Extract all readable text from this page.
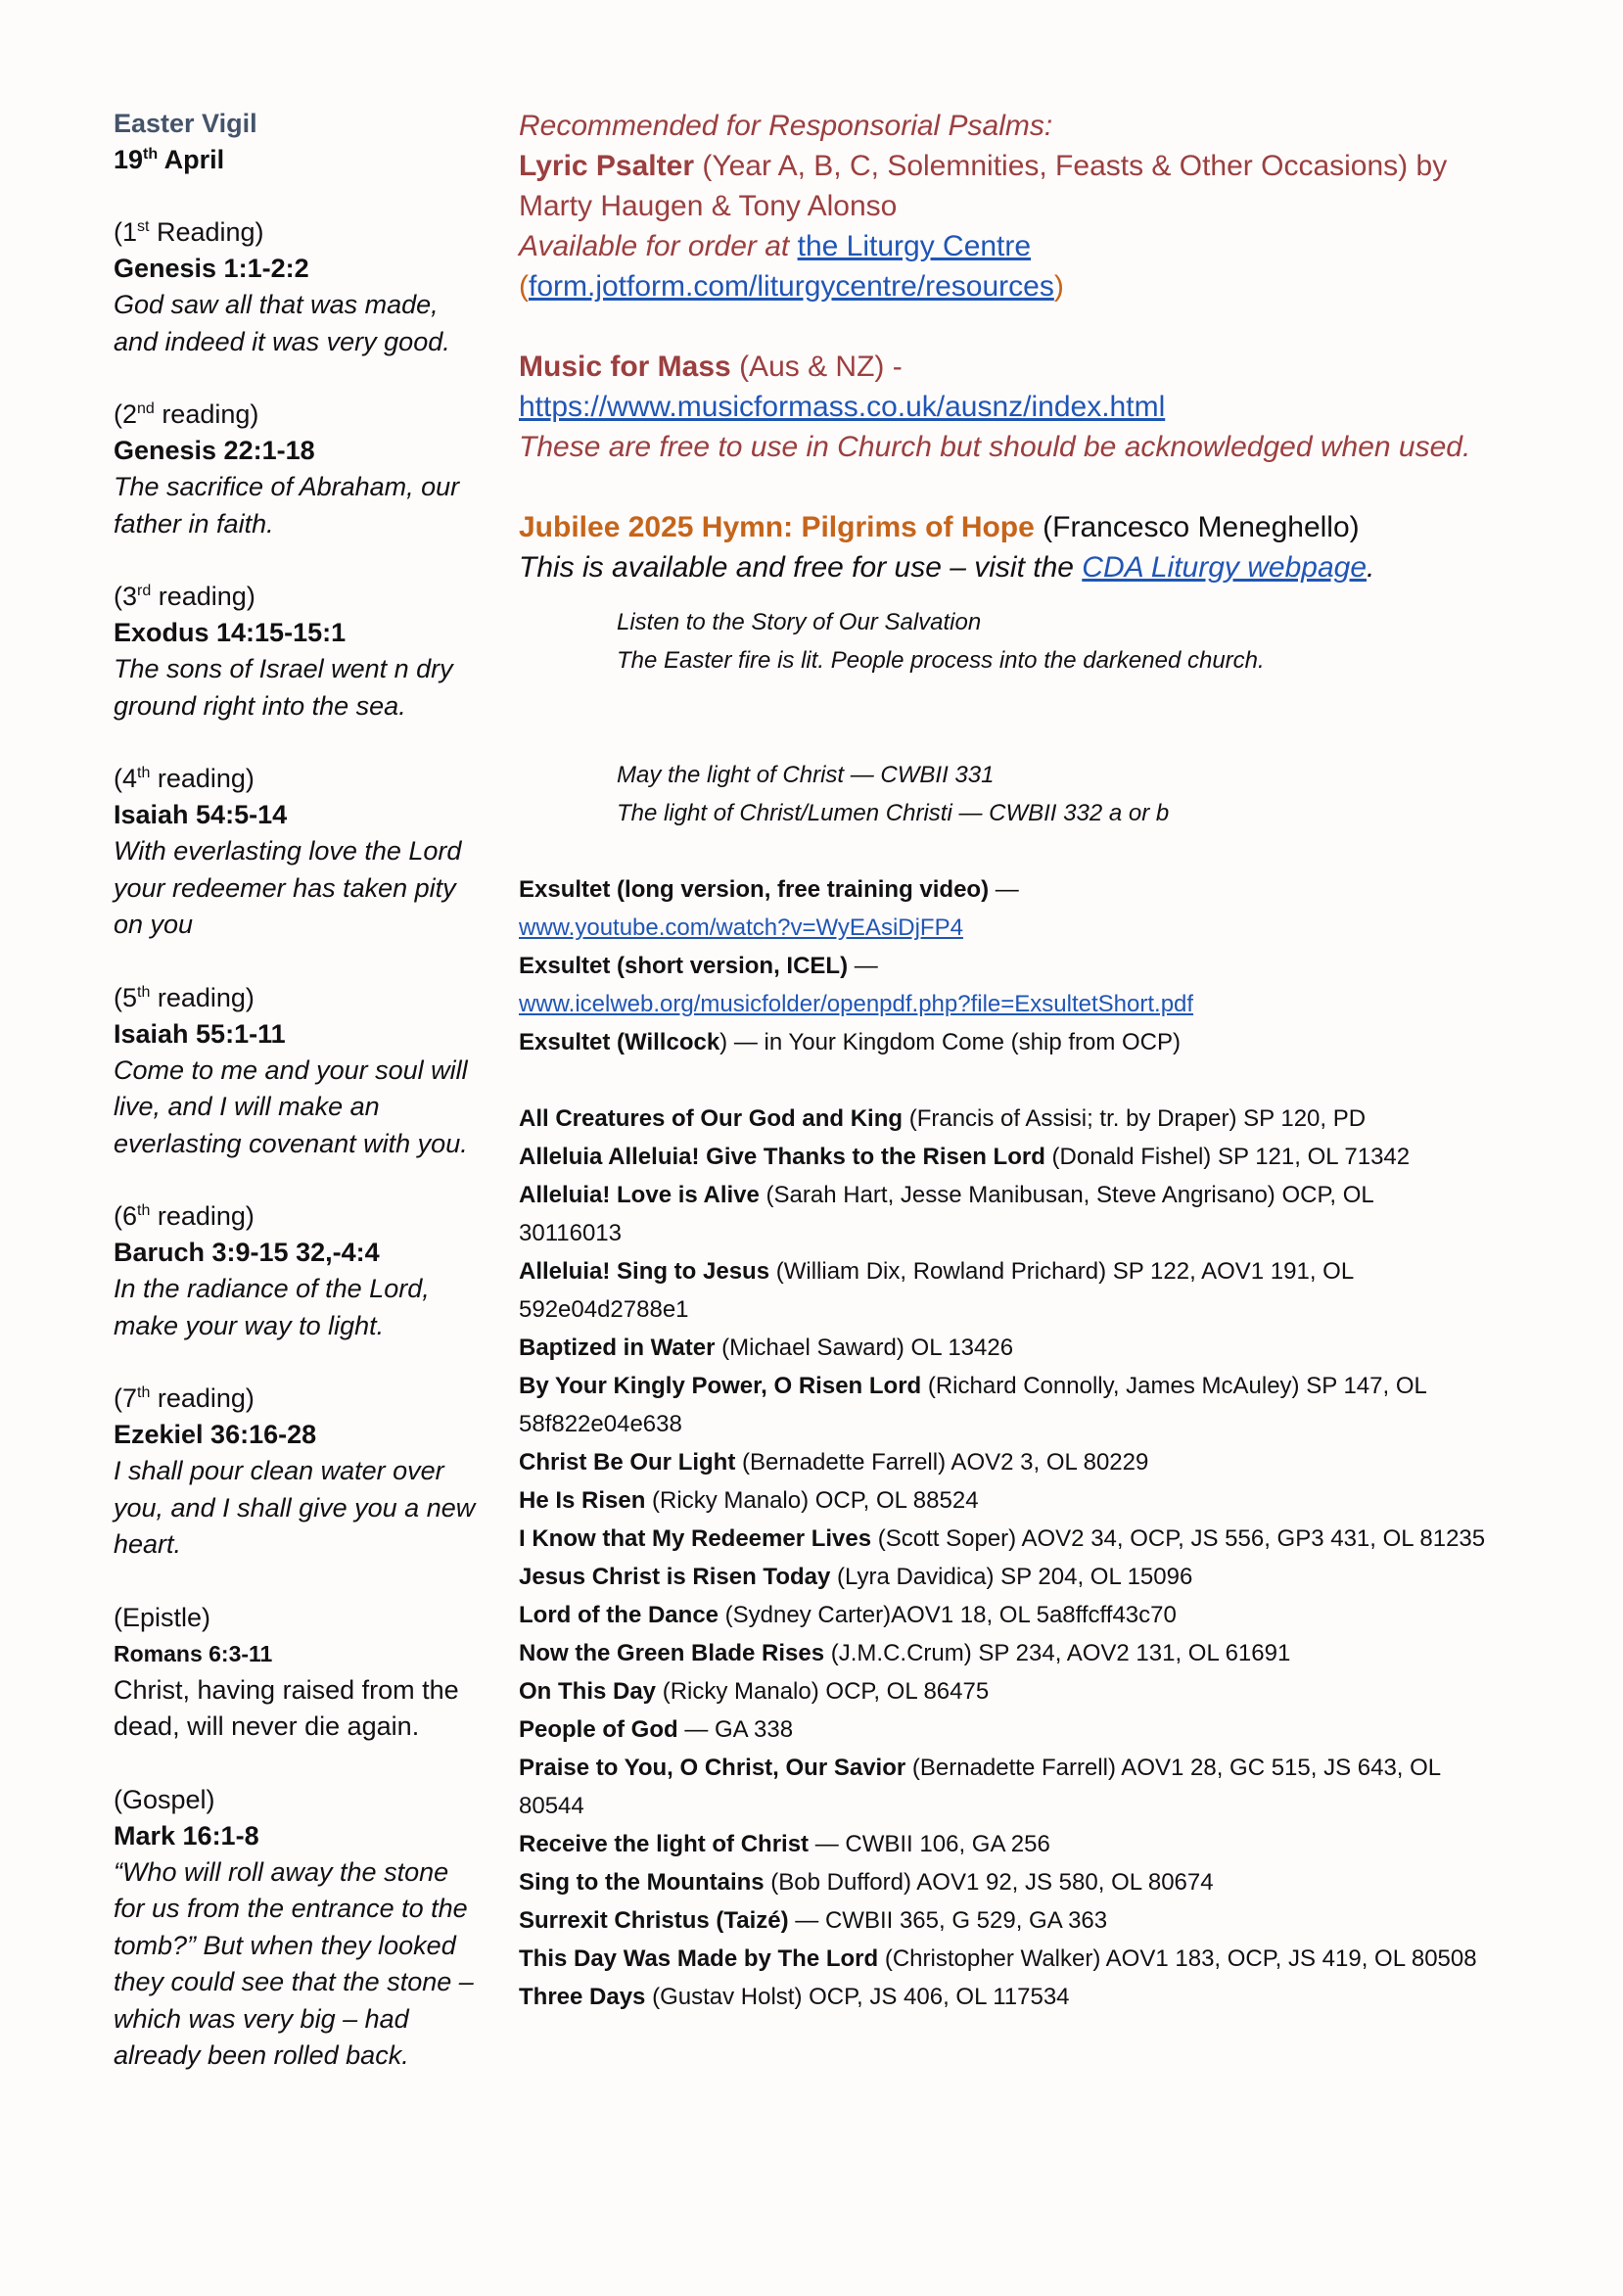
Easter Vigil
19th April
(1st Reading)
Genesis 1:1-2:2
God saw all that was made,
and indeed it was very good.
(2nd reading)
Genesis 22:1-18
The sacrifice of Abraham, our
father in faith.
(3rd reading)
Exodus 14:15-15:1
The sons of Israel went n dry
ground right into the sea.
(4th reading)
Isaiah 54:5-14
With everlasting love the Lord
your redeemer has taken pity
on you
(5th reading)
Isaiah 55:1-11
Come to me and your soul will
live, and I will make an
everlasting covenant with you.
(6th reading)
Baruch 3:9-15 32,-4:4
In the radiance of the Lord,
make your way to light.
(7th reading)
Ezekiel 36:16-28
I shall pour clean water over
you, and I shall give you a new
heart.
(Epistle)
Romans 6:3-11
Christ, having raised from the
dead, will never die again.
(Gospel)
Mark 16:1-8
“Who will roll away the stone
for us from the entrance to the
tomb?” But when they looked
they could see that the stone –
which was very big – had
already been rolled back.
Recommended for Responsorial Psalms:
Lyric Psalter (Year A, B, C, Solemnities, Feasts & Other Occasions) by
Marty Haugen & Tony Alonso
Available for order at the Liturgy Centre
(form.jotform.com/liturgycentre/resources)
Music for Mass (Aus & NZ) -
https://www.musicformass.co.uk/ausnz/index.html
These are free to use in Church but should be acknowledged when used.
Jubilee 2025 Hymn: Pilgrims of Hope (Francesco Meneghello)
This is available and free for use – visit the CDA Liturgy webpage.
Listen to the Story of Our Salvation
The Easter fire is lit. People process into the darkened church.
May the light of Christ — CWBII 331
The light of Christ/Lumen Christi — CWBII 332 a or b
Exsultet (long version, free training video) —
www.youtube.com/watch?v=WyEAsiDjFP4
Exsultet (short version, ICEL) —
www.icelweb.org/musicfolder/openpdf.php?file=ExsultetShort.pdf
Exsultet (Willcock) — in Your Kingdom Come (ship from OCP)
All Creatures of Our God and King (Francis of Assisi; tr. by Draper) SP 120, PD
Alleluia Alleluia! Give Thanks to the Risen Lord (Donald Fishel) SP 121, OL 71342
Alleluia! Love is Alive (Sarah Hart, Jesse Manibusan, Steve Angrisano) OCP, OL
30116013
Alleluia! Sing to Jesus (William Dix, Rowland Prichard) SP 122, AOV1 191, OL
592e04d2788e1
Baptized in Water (Michael Saward) OL 13426
By Your Kingly Power, O Risen Lord (Richard Connolly, James McAuley) SP 147, OL
58f822e04e638
Christ Be Our Light (Bernadette Farrell) AOV2 3, OL 80229
He Is Risen (Ricky Manalo) OCP, OL 88524
I Know that My Redeemer Lives (Scott Soper) AOV2 34, OCP, JS 556, GP3 431, OL 81235
Jesus Christ is Risen Today (Lyra Davidica) SP 204, OL 15096
Lord of the Dance (Sydney Carter)AOV1 18, OL 5a8ffcff43c70
Now the Green Blade Rises (J.M.C.Crum) SP 234, AOV2 131, OL 61691
On This Day (Ricky Manalo) OCP, OL 86475
People of God — GA 338
Praise to You, O Christ, Our Savior (Bernadette Farrell) AOV1 28, GC 515, JS 643, OL
80544
Receive the light of Christ — CWBII 106, GA 256
Sing to the Mountains (Bob Dufford) AOV1 92, JS 580, OL 80674
Surrexit Christus (Taizé) — CWBII 365, G 529, GA 363
This Day Was Made by The Lord (Christopher Walker) AOV1 183, OCP, JS 419, OL 80508
Three Days (Gustav Holst) OCP, JS 406, OL 117534
